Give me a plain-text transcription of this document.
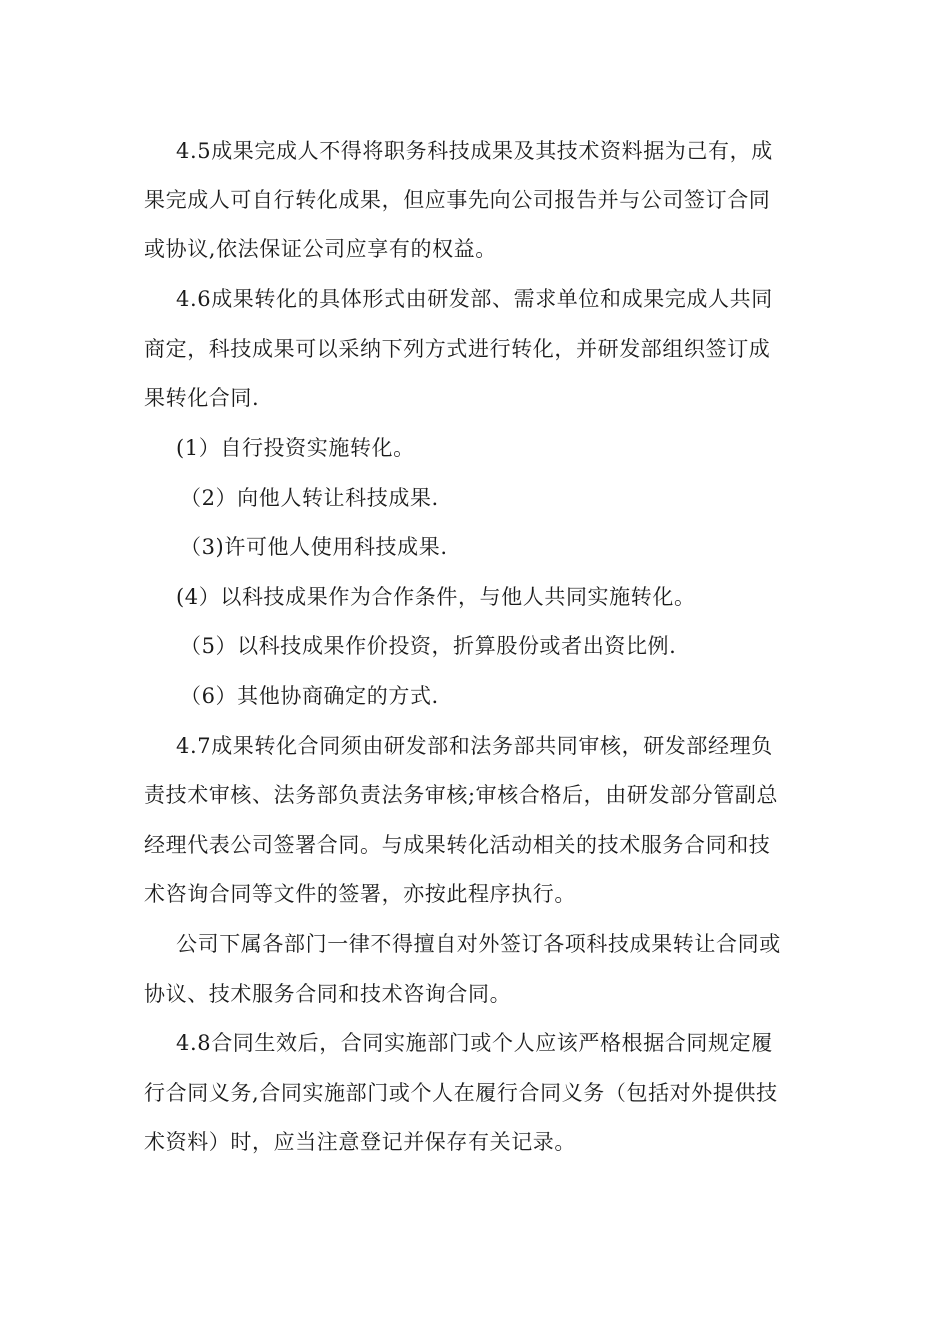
4.5成果完成人不得将职务科技成果及其技术资料据为己有，成
果完成人可自行转化成果，但应事先向公司报告并与公司签订合同
或协议,依法保证公司应享有的权益。
4.6成果转化的具体形式由研发部、需求单位和成果完成人共同
商定，科技成果可以采纳下列方式进行转化，并研发部组织签订成
果转化合同.
(1）自行投资实施转化。
（2）向他人转让科技成果.
（3)许可他人使用科技成果.
(4）以科技成果作为合作条件，与他人共同实施转化。
（5）以科技成果作价投资，折算股份或者出资比例.
（6）其他协商确定的方式.
4.7成果转化合同须由研发部和法务部共同审核，研发部经理负
责技术审核、法务部负责法务审核;审核合格后，由研发部分管副总
经理代表公司签署合同。与成果转化活动相关的技术服务合同和技
术咨询合同等文件的签署，亦按此程序执行。
公司下属各部门一律不得擅自对外签订各项科技成果转让合同或
协议、技术服务合同和技术咨询合同。
4.8合同生效后，合同实施部门或个人应该严格根据合同规定履
行合同义务,合同实施部门或个人在履行合同义务（包括对外提供技
术资料）时，应当注意登记并保存有关记录。
